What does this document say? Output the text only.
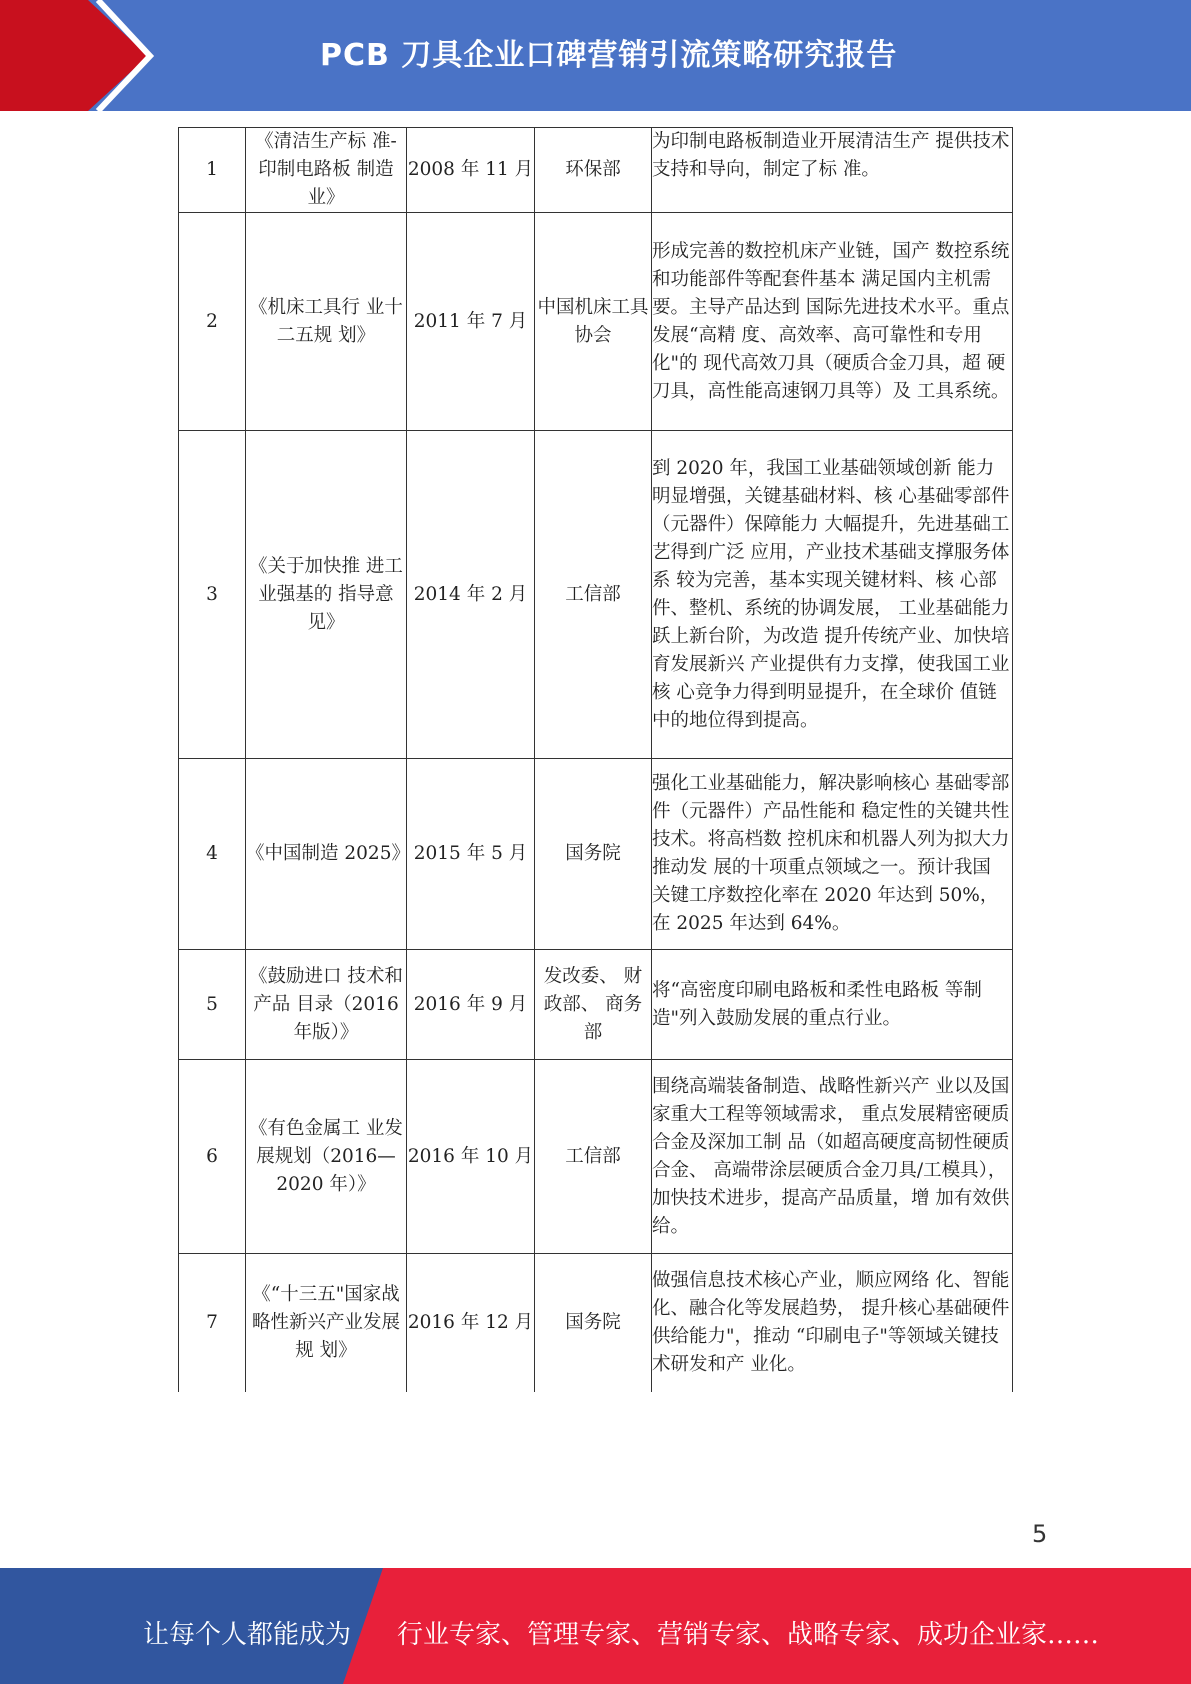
PCB 刀具企业口碑营销引流策略研究报告
1	《清洁生产标 准-印制电路板 制造业》	2008 年 11 月	环保部	为印制电路板制造业开展清洁生产 提供技术支持和导向，制定了标 准。
2	《机床工具行 业十二五规 划》	2011 年 7 月	中国机床工具协会	形成完善的数控机床产业链，国产 数控系统和功能部件等配套件基本 满足国内主机需要。主导产品达到 国际先进技术水平。重点发展“高精 度、高效率、高可靠性和专用化"的 现代高效刀具（硬质合金刀具，超 硬刀具，高性能高速钢刀具等）及 工具系统。
3	《关于加快推 进工业强基的 指导意见》	2014 年 2 月	工信部	到 2020 年，我国工业基础领域创新 能力明显增强，关键基础材料、核 心基础零部件（元器件）保障能力 大幅提升，先进基础工艺得到广泛 应用，产业技术基础支撑服务体系 较为完善，基本实现关键材料、核 心部件、整机、系统的协调发展， 工业基础能力跃上新台阶，为改造 提升传统产业、加快培育发展新兴 产业提供有力支撑，使我国工业核 心竞争力得到明显提升，在全球价 值链中的地位得到提高。
4	《中国制造 2025》	2015 年 5 月	国务院	强化工业基础能力，解决影响核心 基础零部件（元器件）产品性能和 稳定性的关键共性技术。将高档数 控机床和机器人列为拟大力推动发 展的十项重点领域之一。预计我国 关键工序数控化率在 2020 年达到 50%，在 2025 年达到 64%。
5	《鼓励进口 技术和产品 目录（2016 年版）》	2016 年 9 月	发改委、 财政部、 商务部	将“高密度印刷电路板和柔性电路板 等制造"列入鼓励发展的重点行业。
6	《有色金属工 业发展规划（2016—2020 年）》	2016 年 10 月	工信部	围绕高端装备制造、战略性新兴产 业以及国家重大工程等领域需求， 重点发展精密硬质合金及深加工制 品（如超高硬度高韧性硬质合金、 高端带涂层硬质合金刀具/工模具）， 加快技术进步，提高产品质量，增 加有效供给。
7	《“十三五"国家战略性新兴产业发展规 划》	2016 年 12 月	国务院	做强信息技术核心产业，顺应网络 化、智能化、融合化等发展趋势， 提升核心基础硬件供给能力"，推动 “印刷电子"等领域关键技术研发和产 业化。
5
让每个人都能成为 行业专家、管理专家、营销专家、战略专家、成功企业家……
